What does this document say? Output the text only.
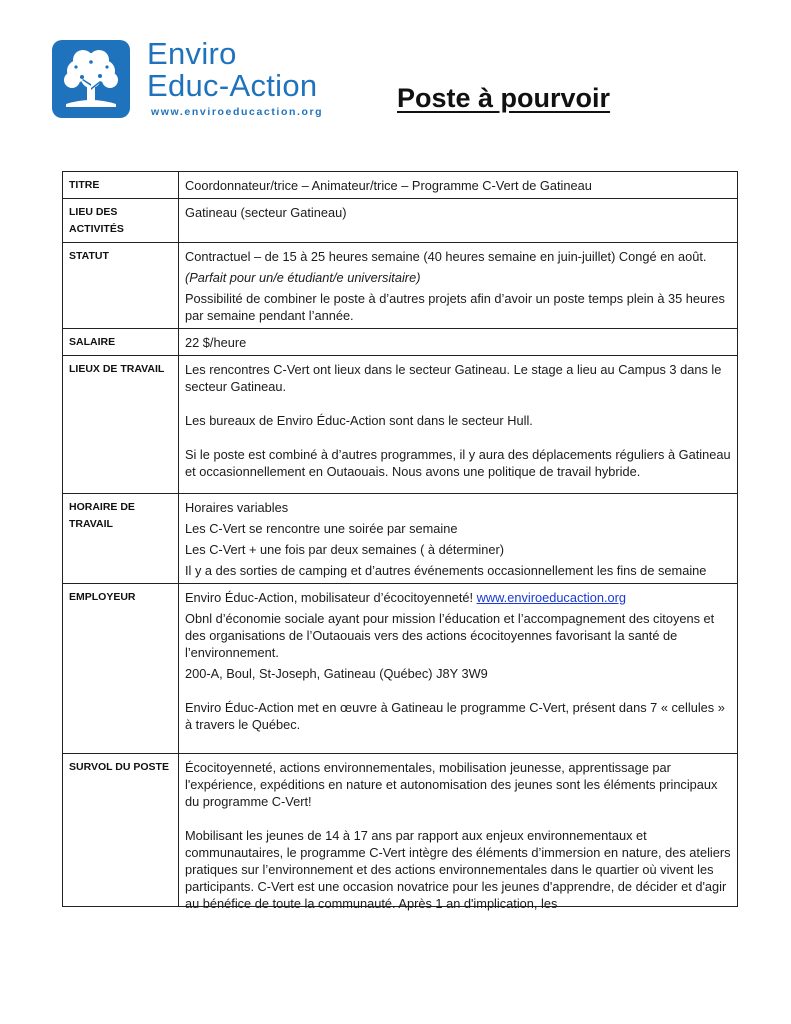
Enviro
Educ-Action
www.enviroeducaction.org	Poste à pourvoir
TITRE	Coordonnateur/trice – Animateur/trice – Programme C-Vert de Gatineau
LIEU DES ACTIVITÉS	Gatineau (secteur Gatineau)
STATUT	Contractuel – de 15 à 25 heures semaine (40 heures semaine en juin-juillet) Congé en août.

(Parfait pour un/e étudiant/e universitaire)

Possibilité de combiner le poste à d’autres projets afin d’avoir un poste temps plein à 35 heures par semaine pendant l’année.

SALAIRE	22 $/heure
LIEUX DE TRAVAIL	Les rencontres C-Vert ont lieux dans le secteur Gatineau. Le stage a lieu au Campus 3 dans le secteur Gatineau.

Les bureaux de Enviro Éduc-Action sont dans le secteur Hull.

Si le poste est combiné à d’autres programmes, il y aura des déplacements réguliers à Gatineau et occasionnellement en Outaouais. Nous avons une politique de travail hybride.

HORAIRE DE TRAVAIL	Horaires variables

Les C-Vert se rencontre une soirée par semaine

Les C-Vert + une fois par deux semaines ( à déterminer)

Il y a des sorties de camping et d’autres événements occasionnellement les fins de semaine

EMPLOYEUR	Enviro Éduc-Action, mobilisateur d’écocitoyenneté! www.enviroeducaction.org

Obnl d’économie sociale ayant pour mission l’éducation et l’accompagnement des citoyens et des organisations de l’Outaouais vers des actions écocitoyennes favorisant la santé de l’environnement.

200-A, Boul, St-Joseph, Gatineau (Québec) J8Y 3W9

Enviro Éduc-Action met en œuvre à Gatineau le programme C-Vert, présent dans 7 « cellules » à travers le Québec.

SURVOL DU POSTE	Écocitoyenneté, actions environnementales, mobilisation jeunesse, apprentissage par l'expérience, expéditions en nature et autonomisation des jeunes sont les éléments principaux du programme C-Vert!

Mobilisant les jeunes de 14 à 17 ans par rapport aux enjeux environnementaux et communautaires, le programme C-Vert intègre des éléments d’immersion en nature, des ateliers pratiques sur l’environnement et des actions environnementales dans le quartier où vivent les participants. C-Vert est une occasion novatrice pour les jeunes d'apprendre, de décider et d'agir au bénéfice de toute la communauté. Après 1 an d'implication, les
